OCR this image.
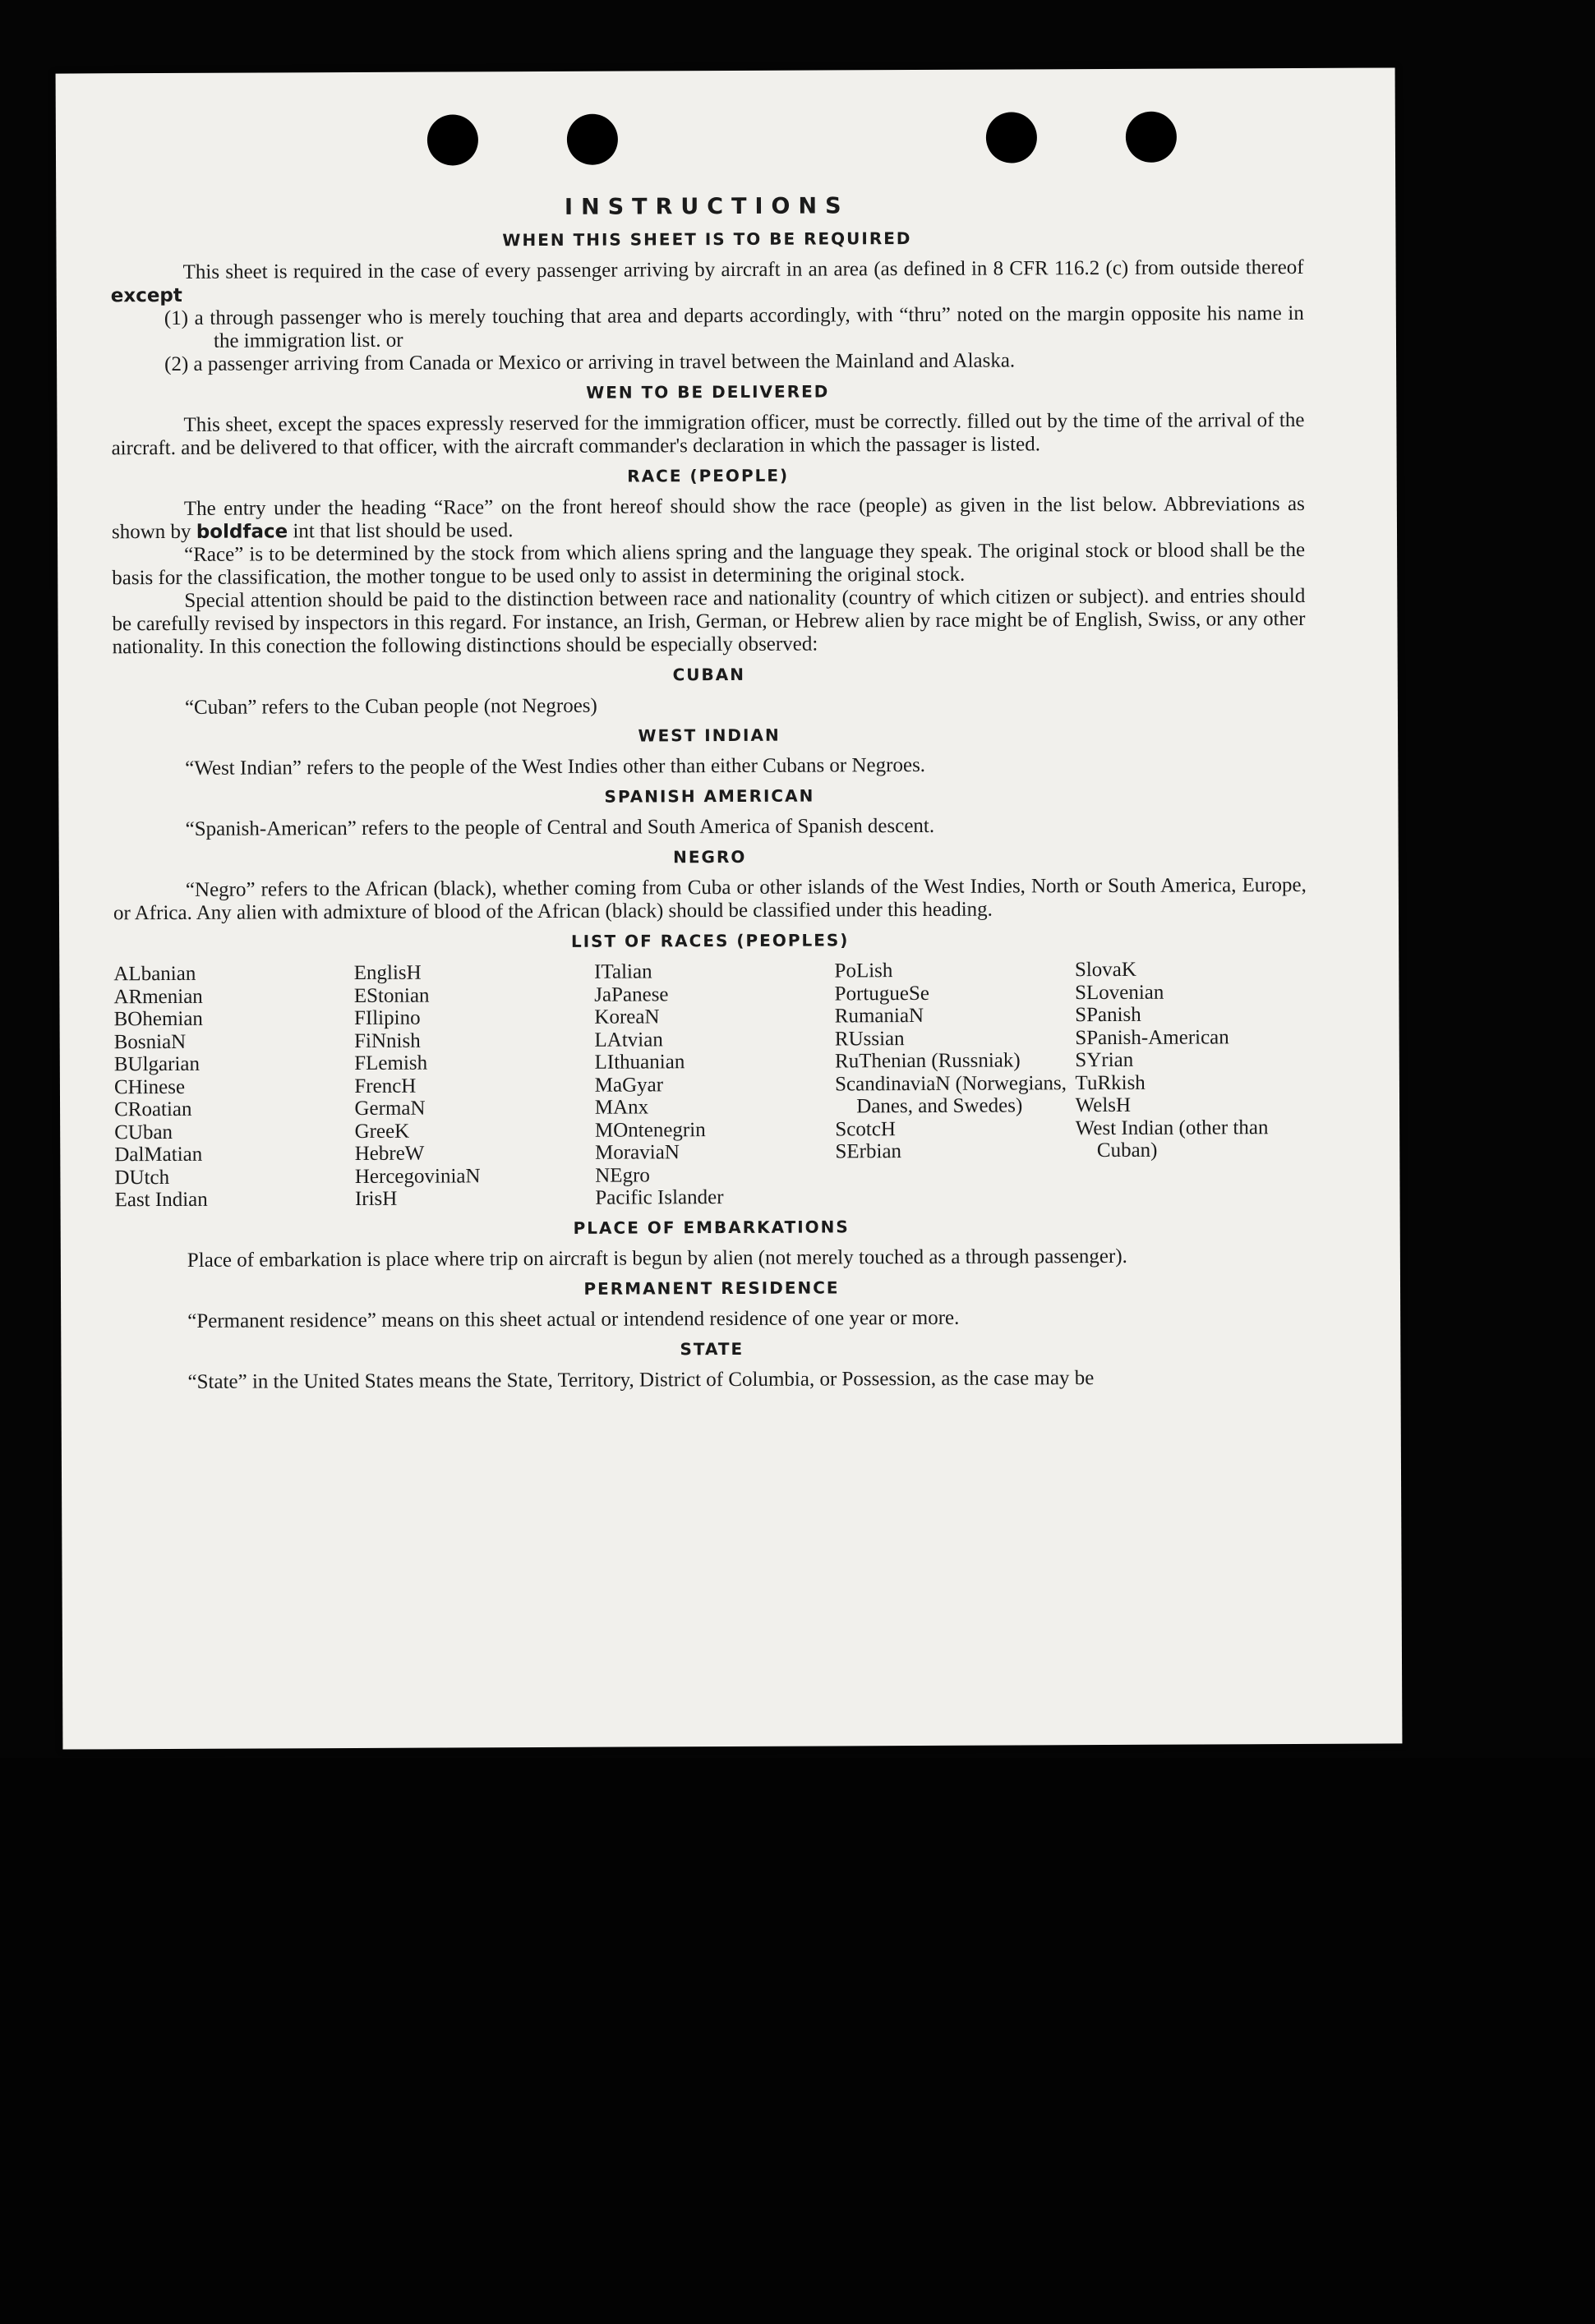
INSTRUCTIONS
WHEN THIS SHEET IS TO BE REQUIRED

This sheet is required in the case of every passenger arriving by aircraft in an area (as defined in 8 CFR 116.2 (c) from outside thereof except

(1) a through passenger who is merely touching that area and departs accordingly, with “thru” noted on the margin opposite his name in the immigration list. or

(2) a passenger arriving from Canada or Mexico or arriving in travel between the Mainland and Alaska.

WEN TO BE DELIVERED

This sheet, except the spaces expressly reserved for the immigration officer, must be correctly. filled out by the time of the arrival of the aircraft. and be delivered to that officer, with the aircraft commander's declaration in which the passager is listed.

RACE (PEOPLE)

The entry under the heading “Race” on the front hereof should show the race (people) as given in the list below. Abbreviations as shown by boldface int that list should be used.

“Race” is to be determined by the stock from which aliens spring and the language they speak. The original stock or blood shall be the basis for the classification, the mother tongue to be used only to assist in determining the original stock.

Special attention should be paid to the distinction between race and nationality (country of which citizen or subject). and entries should be carefully revised by inspectors in this regard. For instance, an Irish, German, or Hebrew alien by race might be of English, Swiss, or any other nationality. In this conection the following distinctions should be especially observed:

CUBAN

“Cuban” refers to the Cuban people (not Negroes)

WEST INDIAN

“West Indian” refers to the people of the West Indies other than either Cubans or Negroes.

SPANISH AMERICAN

“Spanish-American” refers to the people of Central and South America of Spanish descent.

NEGRO

“Negro” refers to the African (black), whether coming from Cuba or other islands of the West Indies, North or South America, Europe, or Africa. Any alien with admixture of blood of the African (black) should be classified under this heading.

LIST OF RACES (PEOPLES)
ALbanian
ARmenian
BOhemian
BosniaN
BUlgarian
CHinese
CRoatian
CUban
DalMatian
DUtch
East Indian
EnglisH
EStonian
FIlipino
FiNnish
FLemish
FrencH
GermaN
GreeK
HebreW
HercegoviniaN
IrisH
ITalian
JaPanese
KoreaN
LAtvian
LIthuanian
MaGyar
MAnx
MOntenegrin
MoraviaN
NEgro
Pacific Islander
PoLish
PortugueSe
RumaniaN
RUssian
RuThenian (Russniak)
ScandinaviaN (Norwegians, Danes, and Swedes)
ScotcH
SErbian
SlovaK
SLovenian
SPanish
SPanish-American
SYrian
TuRkish
WelsH
West Indian (other than Cuban)
PLACE OF EMBARKATIONS

Place of embarkation is place where trip on aircraft is begun by alien (not merely touched as a through passenger).

PERMANENT RESIDENCE

“Permanent residence” means on this sheet actual or intendend residence of one year or more.

STATE

“State” in the United States means the State, Territory, District of Columbia, or Possession, as the case may be
